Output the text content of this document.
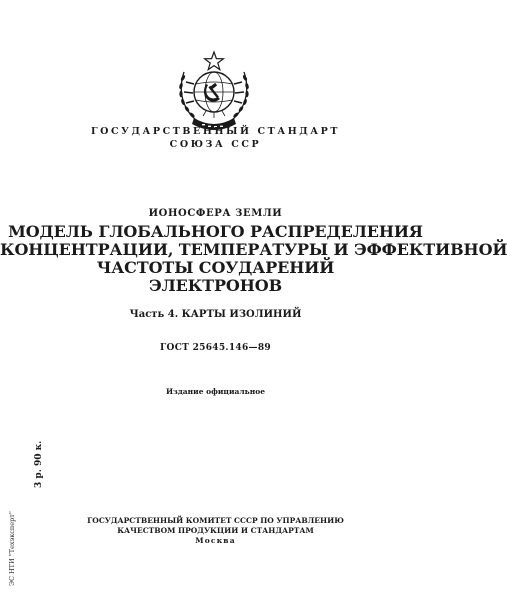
ГОСУДАРСТВЕННЫЙ СТАНДАРТ
СОЮЗА ССР
ИОНОСФЕРА ЗЕМЛИ
МОДЕЛЬ ГЛОБАЛЬНОГО РАСПРЕДЕЛЕНИЯ
КОНЦЕНТРАЦИИ, ТЕМПЕРАТУРЫ И ЭФФЕКТИВНОЙ
ЧАСТОТЫ СОУДАРЕНИЙ
ЭЛЕКТРОНОВ
Часть 4. КАРТЫ ИЗОЛИНИЙ
ГОСТ 25645.146—89
Издание официальное
ГОСУДАРСТВЕННЫЙ КОМИТЕТ СССР ПО УПРАВЛЕНИЮ
КАЧЕСТВОМ ПРОДУКЦИИ И СТАНДАРТАМ
Москва
3 р. 90 к.
ЭС НТИ "Техэксперт"
